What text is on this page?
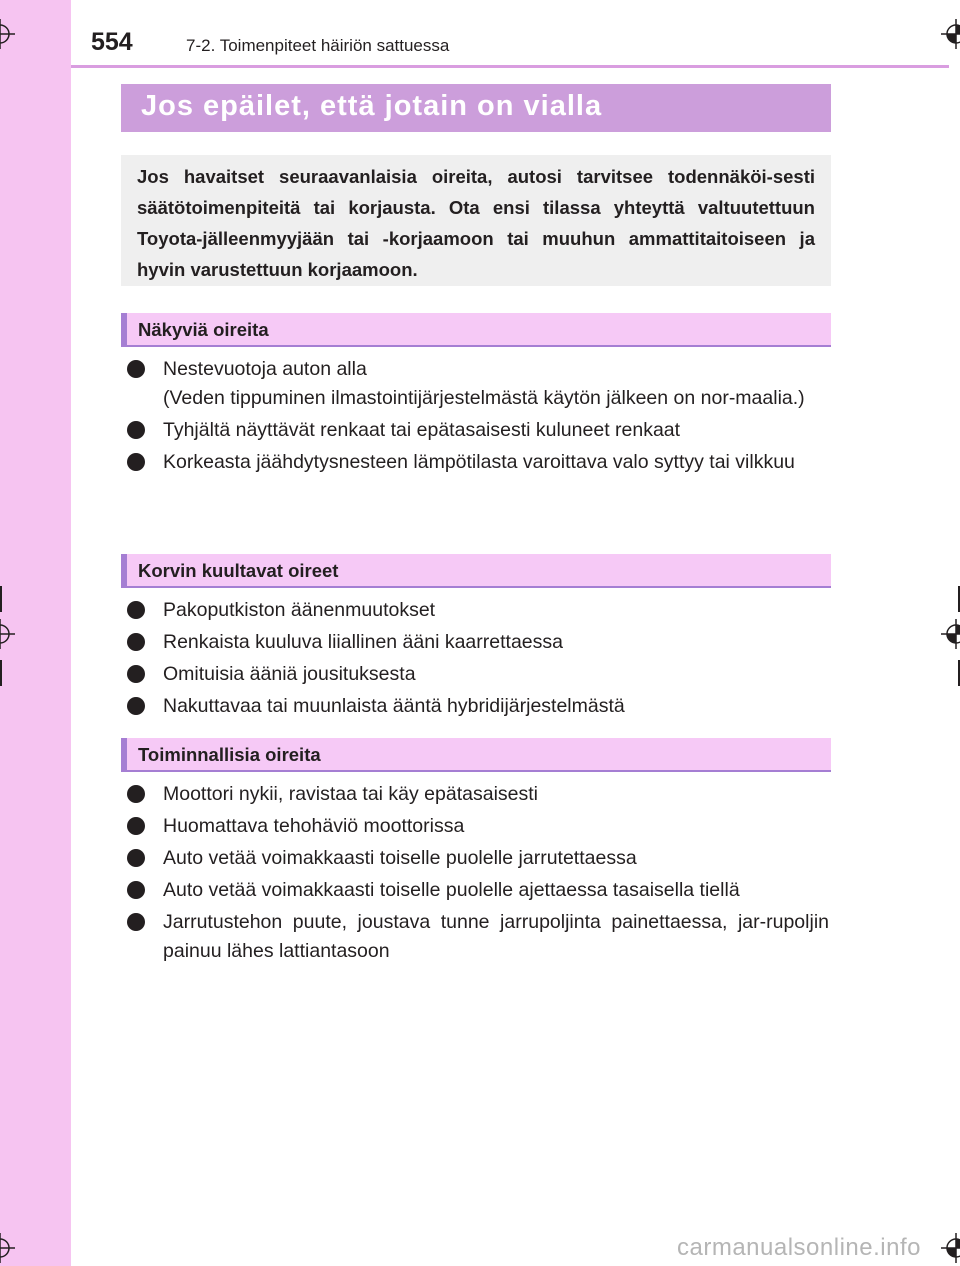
554	7-2. Toimenpiteet häiriön sattuessa
Jos epäilet, että jotain on vialla

Jos havaitset seuraavanlaisia oireita, autosi tarvitsee todennäköi-sesti säätötoimenpiteitä tai korjausta. Ota ensi tilassa yhteyttä valtuutettuun Toyota-jälleenmyyjään tai -korjaamoon tai muuhun ammattitaitoiseen ja hyvin varustettuun korjaamoon.

Näkyviä oireita
Nestevuotoja auton alla
(Veden tippuminen ilmastointijärjestelmästä käytön jälkeen on nor-maalia.)
Tyhjältä näyttävät renkaat tai epätasaisesti kuluneet renkaat
Korkeasta jäähdytysnesteen lämpötilasta varoittava valo syttyy tai vilkkuu
Korvin kuultavat oireet
Pakoputkiston äänenmuutokset
Renkaista kuuluva liiallinen ääni kaarrettaessa
Omituisia ääniä jousituksesta
Nakuttavaa tai muunlaista ääntä hybridijärjestelmästä
Toiminnallisia oireita
Moottori nykii, ravistaa tai käy epätasaisesti
Huomattava tehohäviö moottorissa
Auto vetää voimakkaasti toiselle puolelle jarrutettaessa
Auto vetää voimakkaasti toiselle puolelle ajettaessa tasaisella tiellä
Jarrutustehon puute, joustava tunne jarrupoljinta painettaessa, jar-rupoljin painuu lähes lattiantasoon
carmanualsonline.info
